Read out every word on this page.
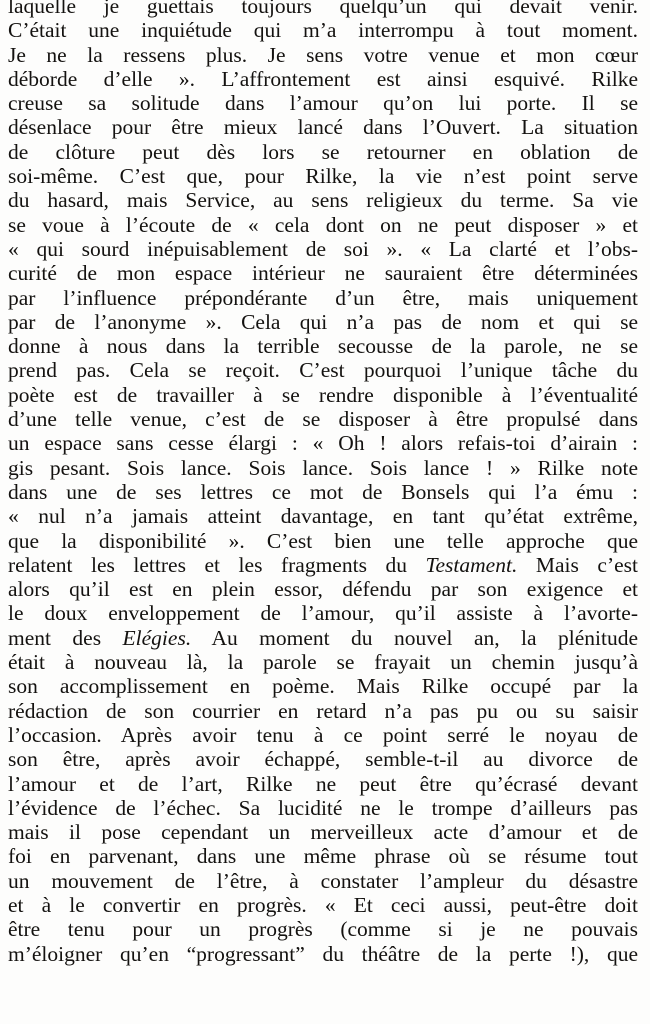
laquelle je guettais toujours quelqu’un qui devait venir.
C’était une inquiétude qui m’a interrompu à tout moment.
Je ne la ressens plus. Je sens votre venue et mon cœur
déborde d’elle ». L’affrontement est ainsi esquivé. Rilke
creuse sa solitude dans l’amour qu’on lui porte. Il se
désenlace pour être mieux lancé dans l’Ouvert. La situation
de clôture peut dès lors se retourner en oblation de
soi-même. C’est que, pour Rilke, la vie n’est point serve
du hasard, mais Service, au sens religieux du terme. Sa vie
se voue à l’écoute de « cela dont on ne peut disposer » et
« qui sourd inépuisablement de soi ». « La clarté et l’obs-
curité de mon espace intérieur ne sauraient être déterminées
par l’influence prépondérante d’un être, mais uniquement
par de l’anonyme ». Cela qui n’a pas de nom et qui se
donne à nous dans la terrible secousse de la parole, ne se
prend pas. Cela se reçoit. C’est pourquoi l’unique tâche du
poète est de travailler à se rendre disponible à l’éventualité
d’une telle venue, c’est de se disposer à être propulsé dans
un espace sans cesse élargi : « Oh ! alors refais-toi d’airain :
gis pesant. Sois lance. Sois lance. Sois lance ! » Rilke note
dans une de ses lettres ce mot de Bonsels qui l’a ému :
« nul n’a jamais atteint davantage, en tant qu’état extrême,
que la disponibilité ». C’est bien une telle approche que
relatent les lettres et les fragments du Testament. Mais c’est
alors qu’il est en plein essor, défendu par son exigence et
le doux enveloppement de l’amour, qu’il assiste à l’avorte-
ment des Elégies. Au moment du nouvel an, la plénitude
était à nouveau là, la parole se frayait un chemin jusqu’à
son accomplissement en poème. Mais Rilke occupé par la
rédaction de son courrier en retard n’a pas pu ou su saisir
l’occasion. Après avoir tenu à ce point serré le noyau de
son être, après avoir échappé, semble-t-il au divorce de
l’amour et de l’art, Rilke ne peut être qu’écrasé devant
l’évidence de l’échec. Sa lucidité ne le trompe d’ailleurs pas
mais il pose cependant un merveilleux acte d’amour et de
foi en parvenant, dans une même phrase où se résume tout
un mouvement de l’être, à constater l’ampleur du désastre
et à le convertir en progrès. « Et ceci aussi, peut-être doit
être tenu pour un progrès (comme si je ne pouvais
m’éloigner qu’en “progressant” du théâtre de la perte !), que
